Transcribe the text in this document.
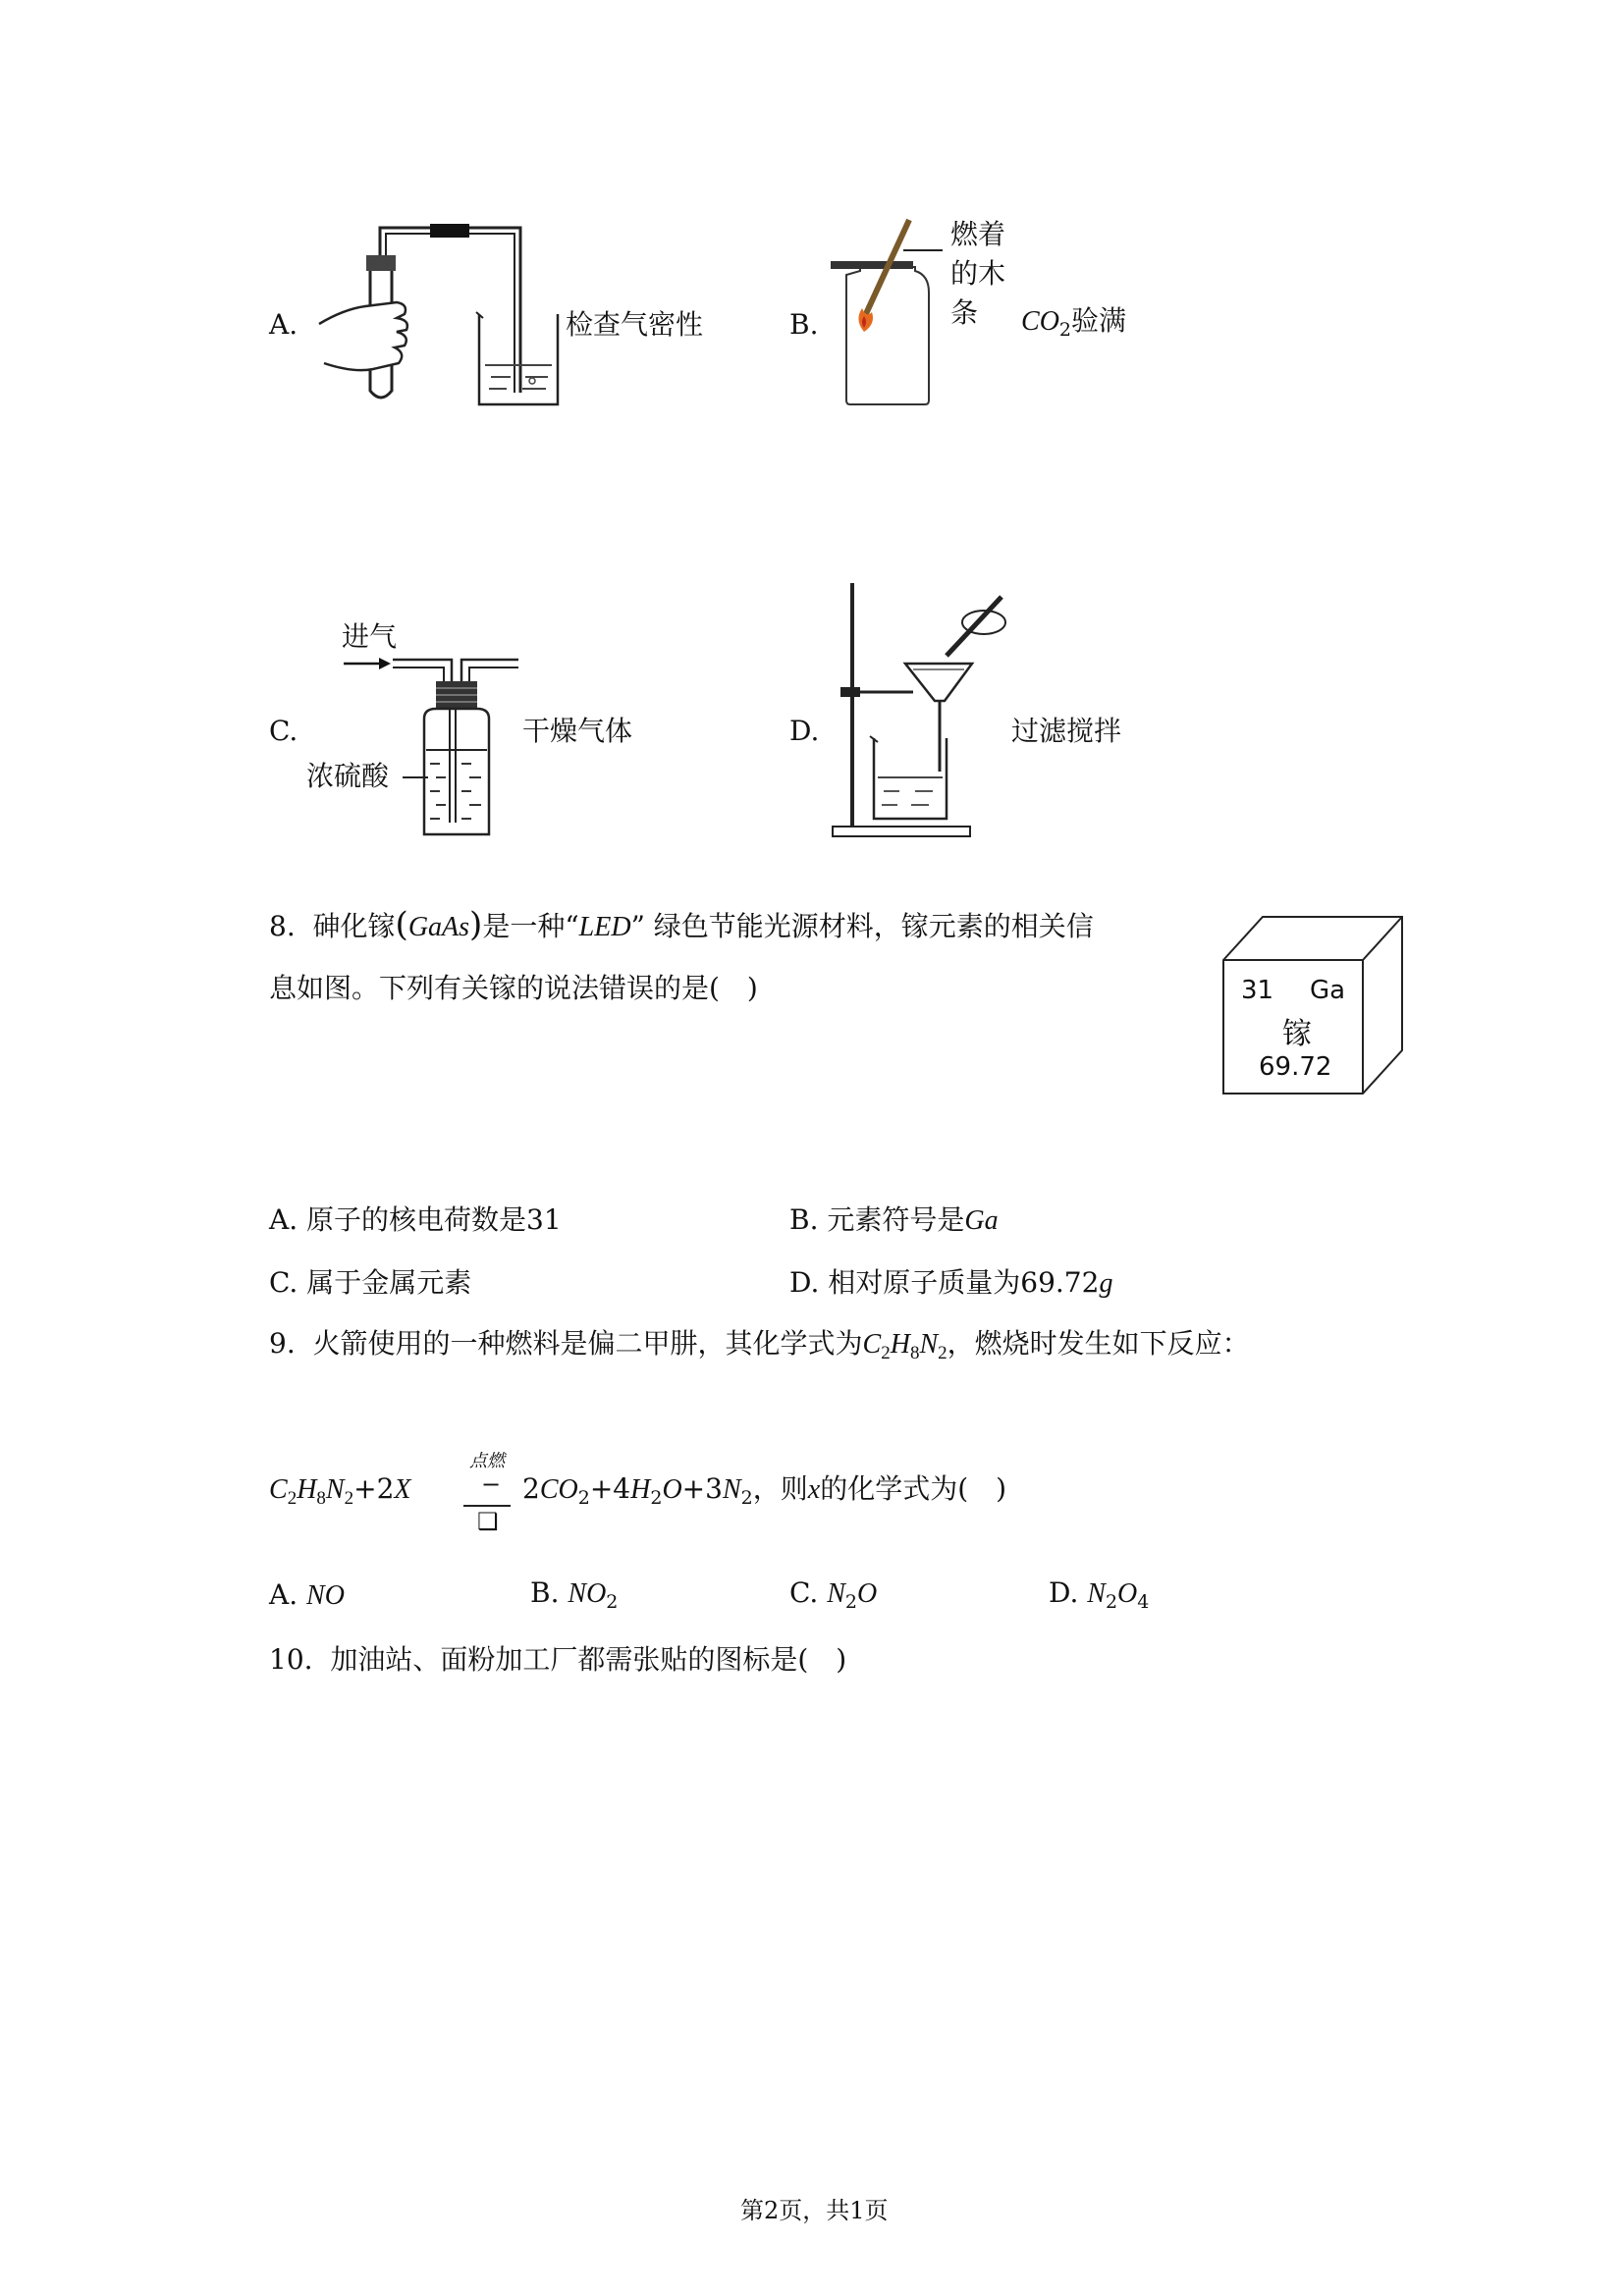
A.	检查气密性	B.
燃着
的木
条 $CO_2$验满
C.
进气
浓硫酸
干燥气体	D.	过滤搅拌
8. 砷化镓(GaAs)是一种“LED” 绿色节能光源材料，镓元素的相关信
息如图。下列有关镓的说法错误的是(　)	31 Ga
镓
69.72
A. 原子的核电荷数是31	B. 元素符号是Ga
C. 属于金属元素	D. 相对原子质量为69.72g
9. 火箭使用的一种燃料是偏二甲肼，其化学式为$C_2H_8N_2$，燃烧时发生如下反应：
点燃
$C_2H_8N_2+2X$	−
❑
$2CO_2+4H_2O+3N_2$，则x的化学式为(　)
A. NO	B. $NO_2$	C. $N_2O$	D. $N_2O_4$
10. 加油站、面粉加工厂都需张贴的图标是(　)
第2页，共1页
